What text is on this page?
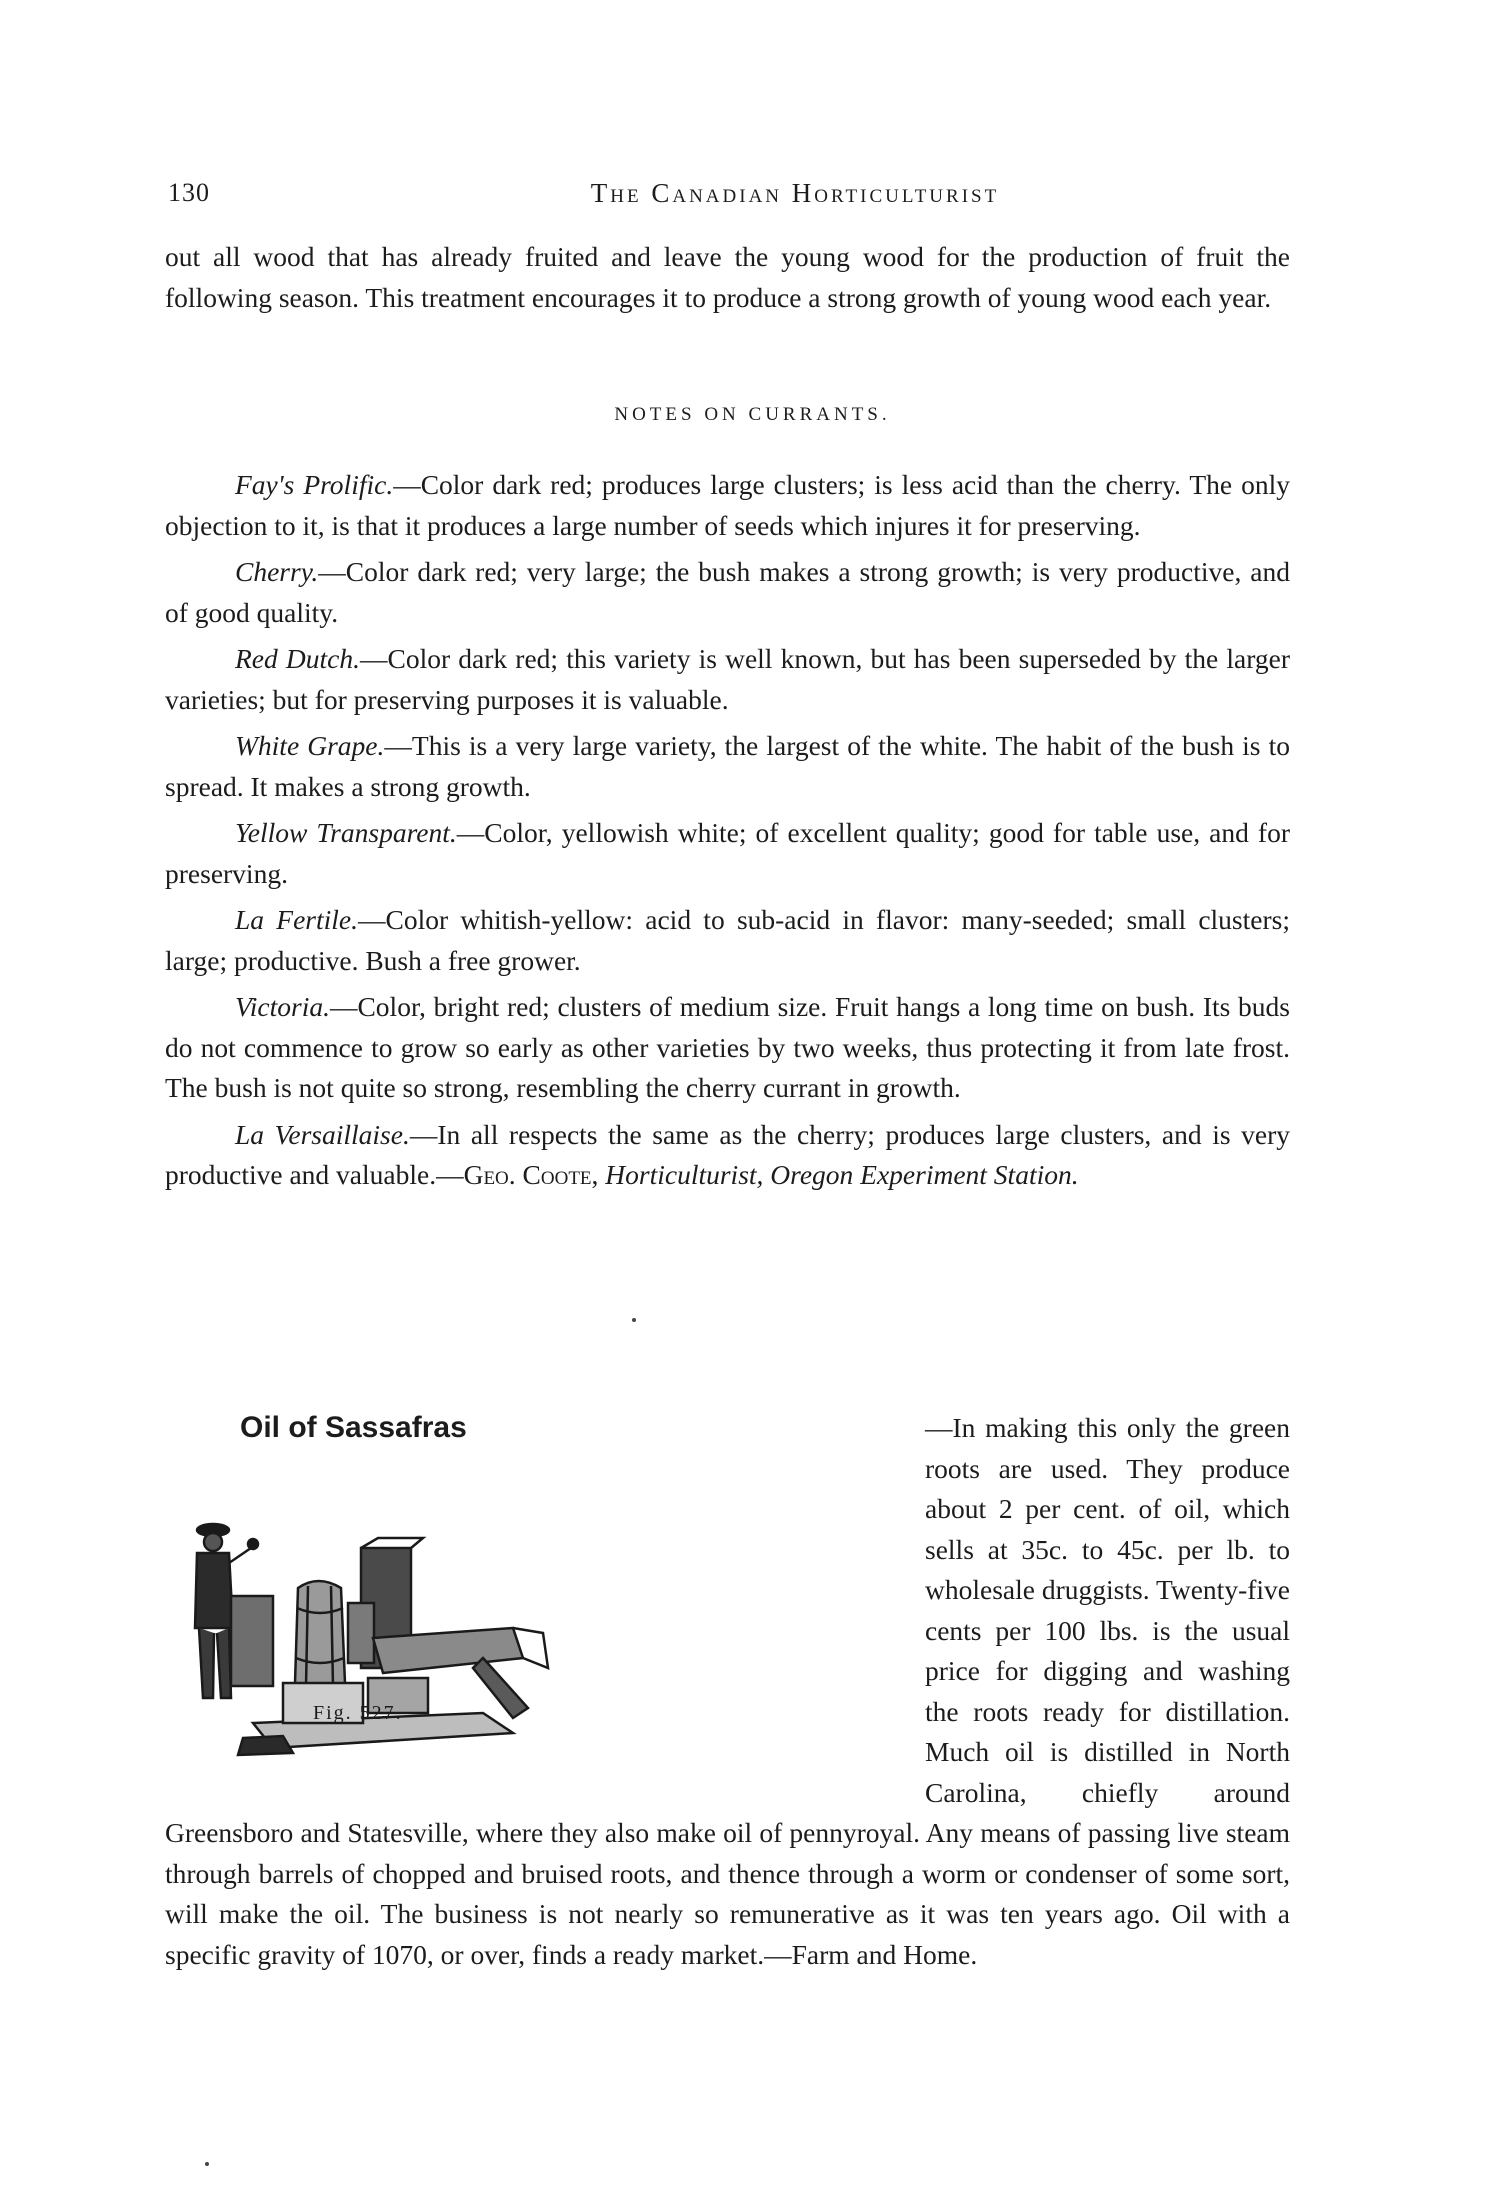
130	The Canadian Horticulturist

out all wood that has already fruited and leave the young wood for the production of fruit the following season. This treatment encourages it to produce a strong growth of young wood each year.

NOTES ON CURRANTS.

Fay's Prolific.—Color dark red; produces large clusters; is less acid than the cherry. The only objection to it, is that it produces a large number of seeds which injures it for preserving.

Cherry.—Color dark red; very large; the bush makes a strong growth; is very productive, and of good quality.

Red Dutch.—Color dark red; this variety is well known, but has been superseded by the larger varieties; but for preserving purposes it is valuable.

White Grape.—This is a very large variety, the largest of the white. The habit of the bush is to spread. It makes a strong growth.

Yellow Transparent.—Color, yellowish white; of excellent quality; good for table use, and for preserving.

La Fertile.—Color whitish-yellow: acid to sub-acid in flavor: many-seeded; small clusters; large; productive. Bush a free grower.

Victoria.—Color, bright red; clusters of medium size. Fruit hangs a long time on bush. Its buds do not commence to grow so early as other varieties by two weeks, thus protecting it from late frost. The bush is not quite so strong, resembling the cherry currant in growth.

La Versaillaise.—In all respects the same as the cherry; produces large clusters, and is very productive and valuable.—Geo. Coote, Horticulturist, Oregon Experiment Station.

—In making this only the green roots are used. They produce about 2 per cent. of oil, which sells at 35c. to 45c. per lb. to wholesale druggists. Twenty-five cents per 100 lbs. is the usual price for digging and washing the roots ready for distillation. Much oil is distilled in North Carolina, chiefly around Greensboro and Statesville, where they also make oil of pennyroyal. Any means of passing live steam through barrels of chopped and bruised roots, and thence through a worm or condenser of some sort, will make the oil. The business is not nearly so remunerative as it was ten years ago. Oil with a specific gravity of 1070, or over, finds a ready market.—Farm and Home.

Oil of Sassafras
Fig. 527.
